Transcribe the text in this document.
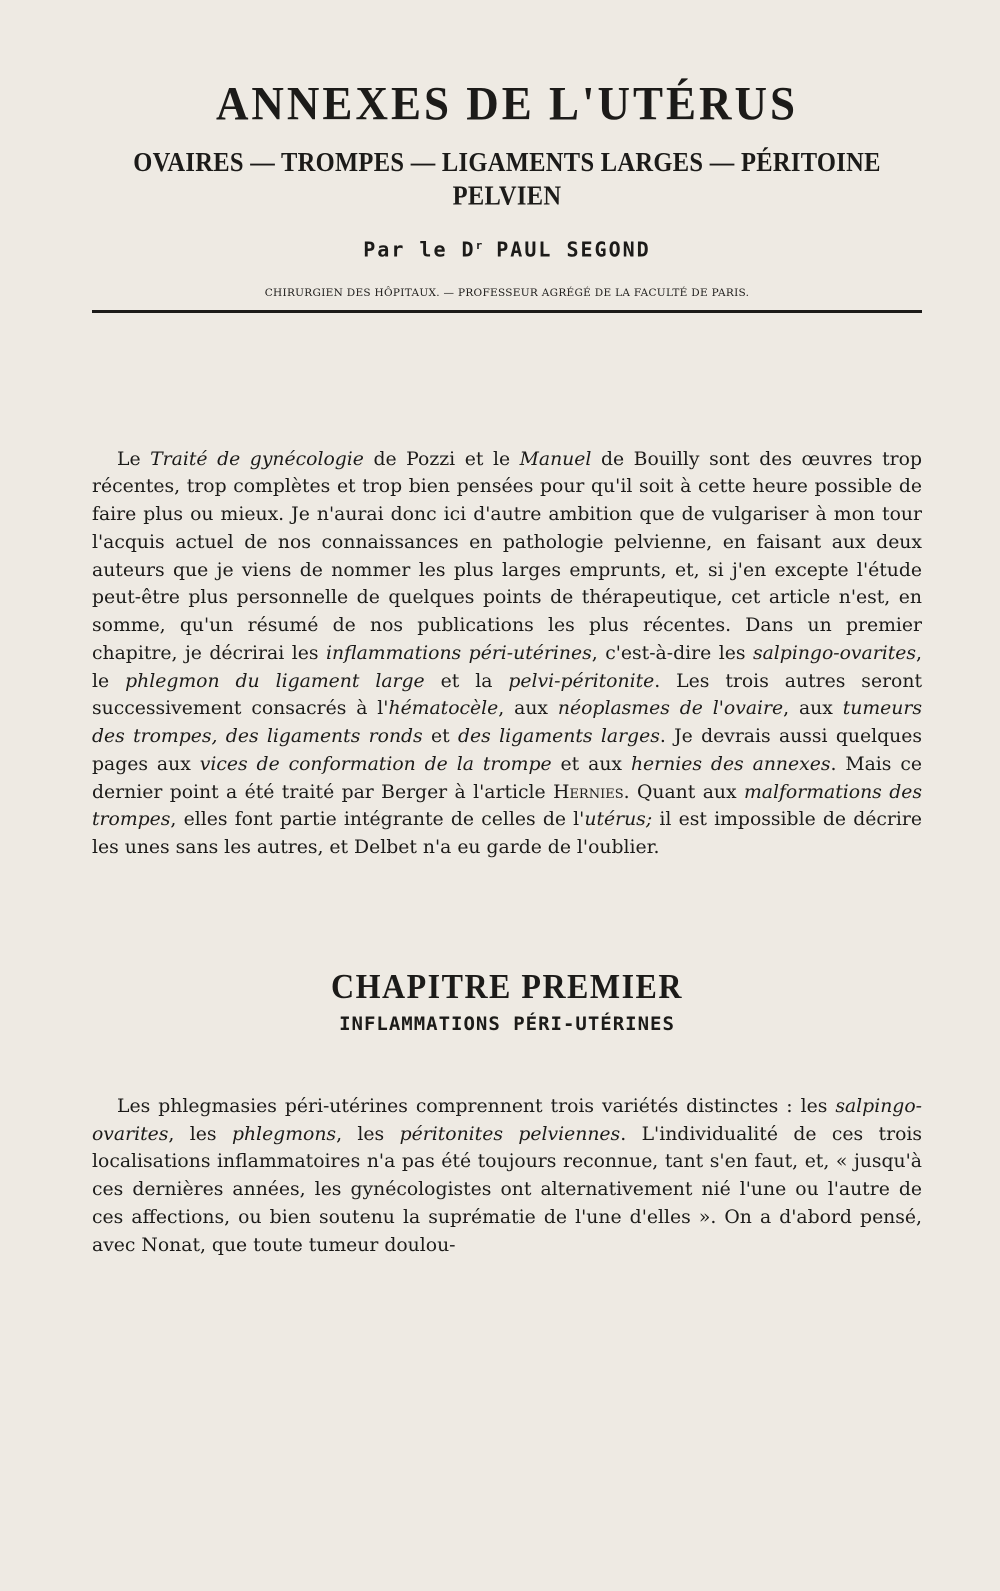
ANNEXES DE L'UTÉRUS
OVAIRES — TROMPES — LIGAMENTS LARGES — PÉRITOINE PELVIEN
Par le $D^r$ PAUL SEGOND
CHIRURGIEN DES HÔPITAUX. — PROFESSEUR AGRÉGÉ DE LA FACULTÉ DE PARIS.

Le Traité de gynécologie de Pozzi et le Manuel de Bouilly sont des œuvres trop récentes, trop complètes et trop bien pensées pour qu'il soit à cette heure possible de faire plus ou mieux. Je n'aurai donc ici d'autre ambition que de vulgariser à mon tour l'acquis actuel de nos connaissances en pathologie pelvienne, en faisant aux deux auteurs que je viens de nommer les plus larges emprunts, et, si j'en excepte l'étude peut-être plus personnelle de quelques points de thérapeutique, cet article n'est, en somme, qu'un résumé de nos publications les plus récentes. Dans un premier chapitre, je décrirai les inflammations péri-utérines, c'est-à-dire les salpingo-ovarites, le phlegmon du ligament large et la pelvi-péritonite. Les trois autres seront successivement consacrés à l'hématocèle, aux néoplasmes de l'ovaire, aux tumeurs des trompes, des ligaments ronds et des ligaments larges. Je devrais aussi quelques pages aux vices de conformation de la trompe et aux hernies des annexes. Mais ce dernier point a été traité par Berger à l'article Hernies. Quant aux malformations des trompes, elles font partie intégrante de celles de l'utérus; il est impossible de décrire les unes sans les autres, et Delbet n'a eu garde de l'oublier.

CHAPITRE PREMIER
INFLAMMATIONS PÉRI-UTÉRINES

Les phlegmasies péri-utérines comprennent trois variétés distinctes : les salpingo-ovarites, les phlegmons, les péritonites pelviennes. L'individualité de ces trois localisations inflammatoires n'a pas été toujours reconnue, tant s'en faut, et, « jusqu'à ces dernières années, les gynécologistes ont alternativement nié l'une ou l'autre de ces affections, ou bien soutenu la suprématie de l'une d'elles ». On a d'abord pensé, avec Nonat, que toute tumeur doulou-
